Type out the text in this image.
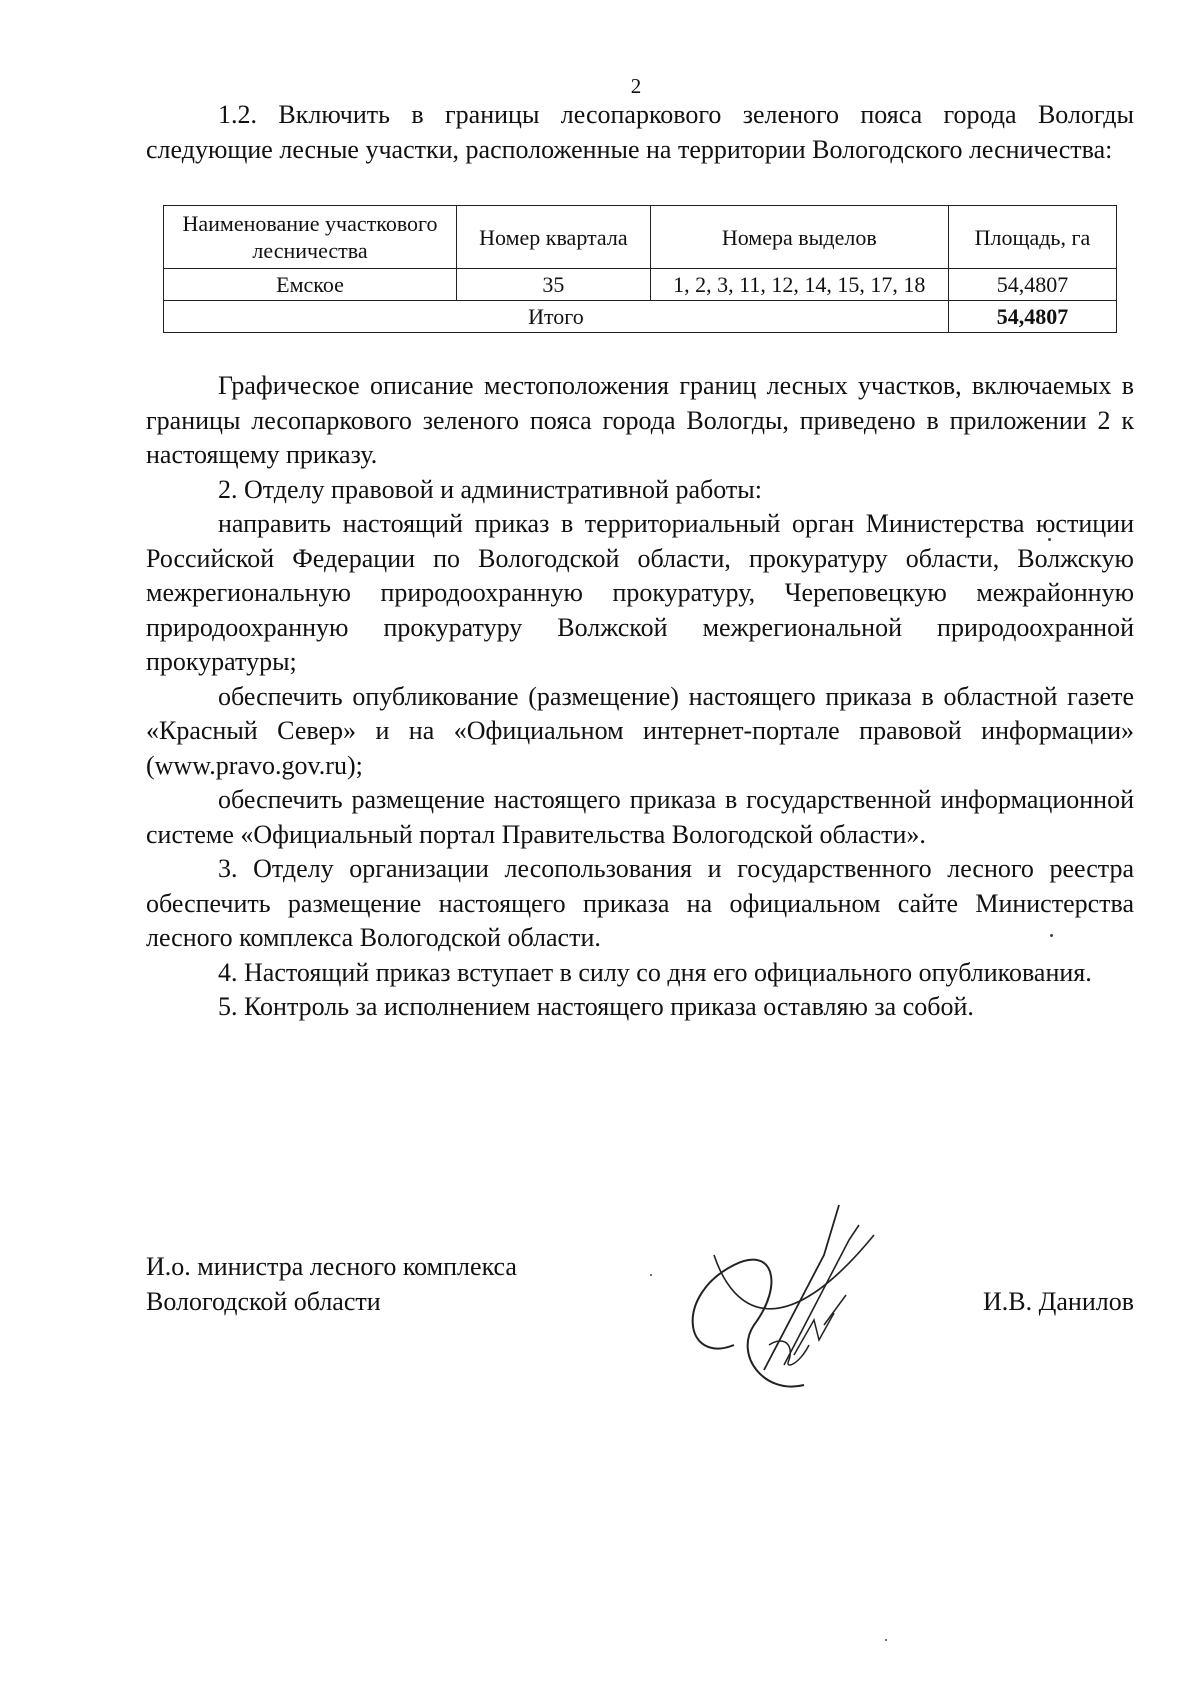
2

1.2. Включить в границы лесопаркового зеленого пояса города Вологды следующие лесные участки, расположенные на территории Вологодского лесничества:

Наименование участкового лесничества	Номер квартала	Номера выделов	Площадь, га
Емское	35	1, 2, 3, 11, 12, 14, 15, 17, 18	54,4807
Итого			54,4807

Графическое описание местоположения границ лесных участков, включаемых в границы лесопаркового зеленого пояса города Вологды, приведено в приложении 2 к настоящему приказу.

2. Отделу правовой и административной работы:

направить настоящий приказ в территориальный орган Министерства юстиции Российской Федерации по Вологодской области, прокуратуру области, Волжскую межрегиональную природоохранную прокуратуру, Череповецкую межрайонную природоохранную прокуратуру Волжской межрегиональной природоохранной прокуратуры;

обеспечить опубликование (размещение) настоящего приказа в областной газете «Красный Север» и на «Официальном интернет-портале правовой информации» (www.pravo.gov.ru);

обеспечить размещение настоящего приказа в государственной информационной системе «Официальный портал Правительства Вологодской области».

3. Отделу организации лесопользования и государственного лесного реестра обеспечить размещение настоящего приказа на официальном сайте Министерства лесного комплекса Вологодской области.

4. Настоящий приказ вступает в силу со дня его официального опубликования.

5. Контроль за исполнением настоящего приказа оставляю за собой.

И.о. министра лесного комплекса
Вологодской области	И.В. Данилов
